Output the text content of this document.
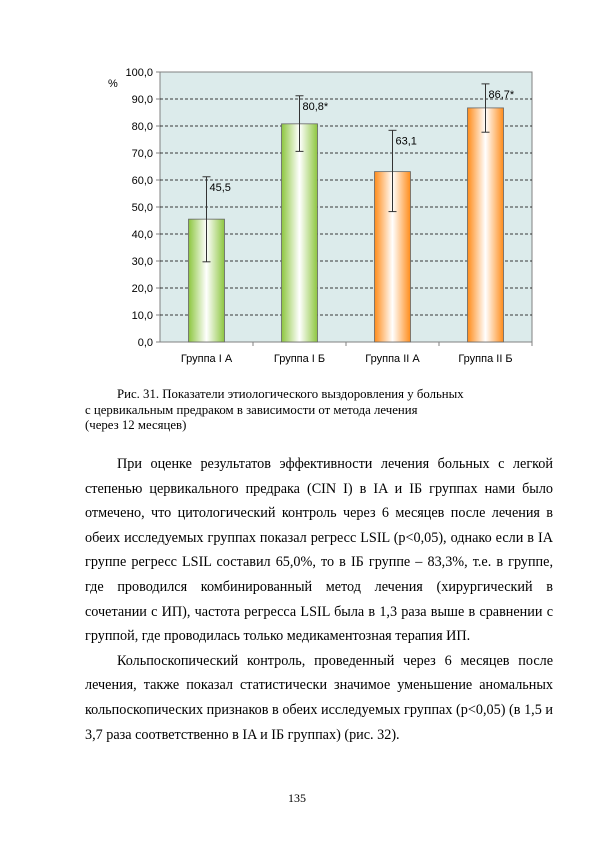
0,0
10,0
20,0
30,0
40,0
50,0
60,0
70,0
80,0
90,0
100,0
45,5
80,8*
63,1
86,7*
Группа I А	Группа I Б	Группа II А	Группа II Б
%
Рис. 31. Показатели этиологического выздоровления у больных
с цервикальным предраком в зависимости от метода лечения
(через 12 месяцев)

При оценке результатов эффективности лечения больных с легкой степенью цервикального предрака (CIN I) в IA и IБ группах нами было отмечено, что цитологический контроль через 6 месяцев после лечения в обеих исследуемых группах показал регресс LSIL (р<0,05), однако если в IA группе регресс LSIL составил 65,0%, то в IБ группе – 83,3%, т.е. в группе, где проводился комбинированный метод лечения (хирургический в сочетании с ИП), частота регресса LSIL была в 1,3 раза выше в сравнении с группой, где проводилась только медикаментозная терапия ИП.

Кольпоскопический контроль, проведенный через 6 месяцев после лечения, также показал статистически значимое уменьшение аномальных кольпоскопических признаков в обеих исследуемых группах (р<0,05) (в 1,5 и 3,7 раза соответственно в IA и IБ группах) (рис. 32).

135
